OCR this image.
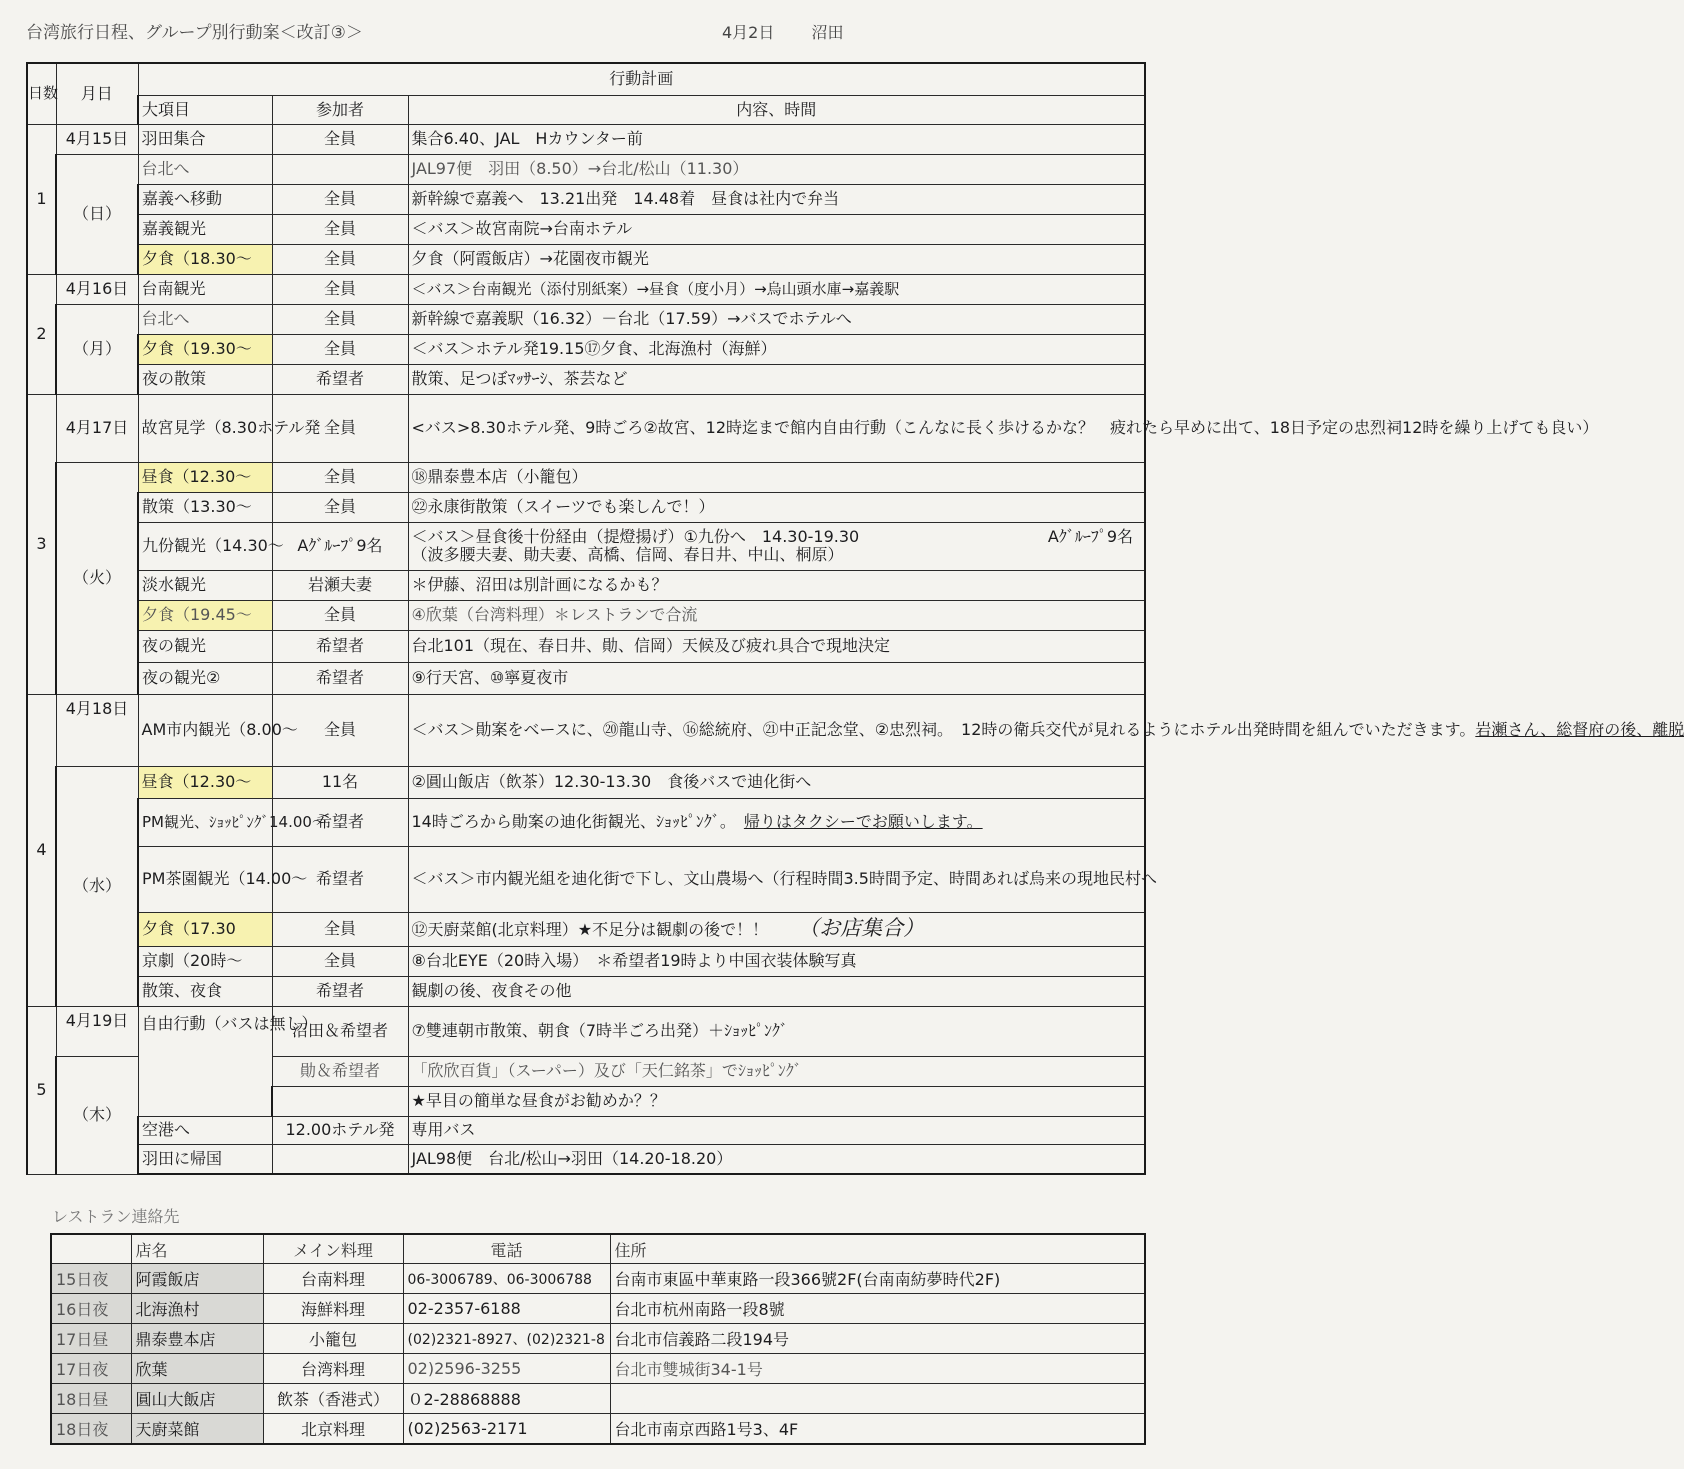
台湾旅行日程、グループ別行動案＜改訂③＞	4月2日 沼田
日数	月日	行動計画		
		大項目	参加者	内容、時間
1	4月15日	羽田集合	全員	集合6.40、JAL　Hカウンター前
	（日）	台北へ		JAL97便　羽田（8.50）→台北/松山（11.30）
		嘉義へ移動	全員	新幹線で嘉義へ　13.21出発　14.48着　昼食は社内で弁当
		嘉義観光	全員	＜バス＞故宮南院→台南ホテル
		夕食（18.30～	全員	夕食（阿霞飯店）→花園夜市観光
2	4月16日	台南観光	全員	＜バス＞台南観光（添付別紙案）→昼食（度小月）→烏山頭水庫→嘉義駅
	（月）	台北へ	全員	新幹線で嘉義駅（16.32）－台北（17.59）→バスでホテルへ
		夕食（19.30～	全員	＜バス＞ホテル発19.15⑰夕食、北海漁村（海鮮）
		夜の散策	希望者	散策、足つぼﾏｯｻｰｼ、茶芸など
3	4月17日	故宮見学（8.30ホテル発	全員	<バス>8.30ホテル発、9時ごろ②故宮、12時迄まで館内自由行動（こんなに長く歩けるかな？　疲れたら早めに出て、18日予定の忠烈祠12時を繰り上げても良い）
	（火）	昼食（12.30～	全員	⑱鼎泰豊本店（小籠包）
		散策（13.30～	全員	㉒永康街散策（スイーツでも楽しんで！）
		九份観光（14.30～	Aｸﾞﾙｰﾌﾟ9名	＜バス＞昼食後十份経由（提燈揚げ）①九份へ　14.30-19.30 Aｸﾞﾙｰﾌﾟ9名
（波多腰夫妻、勛夫妻、高橋、信岡、春日井、中山、桐原）

		淡水観光	岩瀬夫妻	＊伊藤、沼田は別計画になるかも？
		夕食（19.45～	全員	④欣葉（台湾料理）＊レストランで合流
		夜の観光	希望者	台北101（現在、春日井、勛、信岡）天候及び疲れ具合で現地決定
		夜の観光②	希望者	⑨行天宮、⑩寧夏夜市
4	4月18日	AM市内観光（8.00～	全員	＜バス＞勛案をベースに、⑳龍山寺、⑯総統府、㉑中正記念堂、②忠烈祠。　12時の衛兵交代が見れるようにホテル出発時間を組んでいただきます。岩瀬さん、総督府の後、離脱
	（水）	昼食（12.30～	11名	②圓山飯店（飲茶）12.30-13.30　食後バスで迪化街へ
		PM観光、ｼｮｯﾋﾟﾝｸﾞ14.00～	希望者	14時ごろから勛案の迪化街観光、ｼｮｯﾋﾟﾝｸﾞ。　帰りはタクシーでお願いします。
		PM茶園観光（14.00～	希望者	＜バス＞市内観光組を迪化街で下し、文山農場へ（行程時間3.5時間予定、時間あれば烏来の現地民村へ
		夕食（17.30	全員	⑫天廚菜館(北京料理）★不足分は観劇の後で！！ （お店集合）
		京劇（20時～	全員	⑧台北EYE（20時入場）　＊希望者19時より中国衣装体験写真
		散策、夜食	希望者	観劇の後、夜食その他
5	4月19日	自由行動（バスは無し）	沼田＆希望者	⑦雙連朝市散策、朝食（7時半ごろ出発）＋ｼｮｯﾋﾟﾝｸﾞ
	（木）		勛＆希望者	「欣欣百貨」（スーパー）及び「天仁銘茶」でｼｮｯﾋﾟﾝｸﾞ
				★早目の簡単な昼食がお勧めか？？
		空港へ	12.00ホテル発	専用バス
		羽田に帰国		JAL98便　台北/松山→羽田（14.20-18.20）
レストラン連絡先
	店名	メイン料理	電話	住所
15日夜	阿霞飯店	台南料理	06-3006789、06-3006788	台南市東區中華東路一段366號2F(台南南紡夢時代2F)
16日夜	北海漁村	海鮮料理	02-2357-6188	台北市杭州南路一段8號
17日昼	鼎泰豊本店	小籠包	(02)2321-8927、(02)2321-8	台北市信義路二段194号
17日夜	欣葉	台湾料理	02)2596-3255	台北市雙城街34-1号
18日昼	圓山大飯店	飲茶（香港式）	０2-28868888	
18日夜	天廚菜館	北京料理	(02)2563-2171	台北市南京西路1号3、4F
